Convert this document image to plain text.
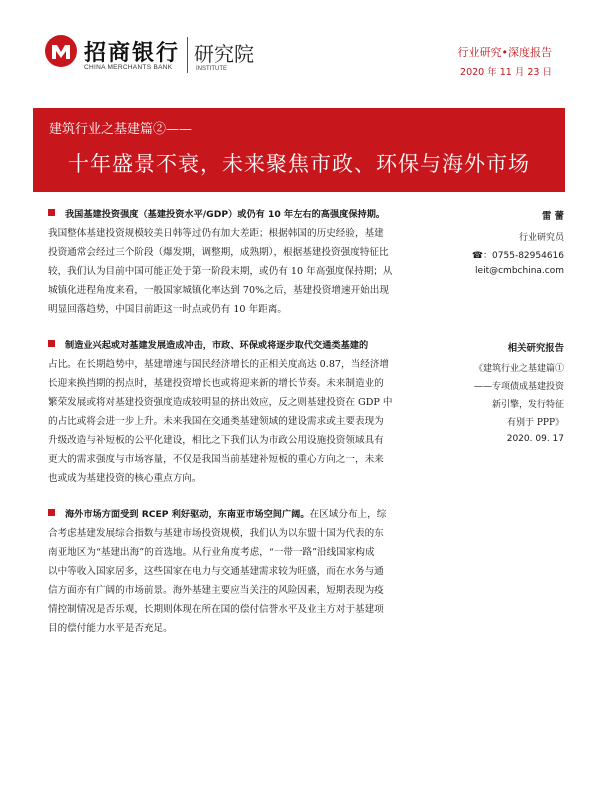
招商银行
CHINA MERCHANTS BANK
研究院
INSTITUTE
行业研究•深度报告
2020 年 11 月 23 日
建筑行业之基建篇②——
十年盛景不衰，未来聚焦市政、环保与海外市场

我国基建投资强度（基建投资水平/GDP）或仍有 10 年左右的高强度保持期。
我国整体基建投资规模较美日韩等过仍有加大差距；根据韩国的历史经验，基建
投资通常会经过三个阶段（爆发期，调整期，成熟期），根据基建投资强度特征比
较，我们认为目前中国可能正处于第一阶段末期，或仍有 10 年高强度保持期；从
城镇化进程角度来看，一般国家城镇化率达到 70%之后，基建投资增速开始出现
明显回落趋势，中国目前距这一时点或仍有 10 年距离。

制造业兴起或对基建发展造成冲击，市政、环保或将逐步取代交通类基建的
占比。在长期趋势中，基建增速与国民经济增长的正相关度高达 0.87，当经济增
长迎来换挡期的拐点时，基建投资增长也或将迎来新的增长节奏。未来制造业的
繁荣发展或将对基建投资强度造成较明显的挤出效应，反之则基建投资在 GDP 中
的占比或将会进一步上升。未来我国在交通类基建领域的建设需求或主要表现为
升级改造与补短板的公平化建设，相比之下我们认为市政公用设施投资领域具有
更大的需求强度与市场容量，不仅是我国当前基建补短板的重心方向之一，未来
也或成为基建投资的核心重点方向。

海外市场方面受到 RCEP 利好驱动，东南亚市场空间广阔。在区域分布上，综
合考虑基建发展综合指数与基建市场投资规模，我们认为以东盟十国为代表的东
南亚地区为“基建出海”的首选地。从行业角度考虑，“一带一路”沿线国家构成
以中等收入国家居多，这些国家在电力与交通基建需求较为旺盛，而在水务与通
信方面亦有广阔的市场前景。海外基建主要应当关注的风险因素，短期表现为疫
情控制情况是否乐观，长期则体现在所在国的偿付信誉水平及业主方对于基建项
目的偿付能力水平是否充足。

雷 蕾
行业研究员
☎：0755-82954616
leit@cmbchina.com
相关研究报告
《建筑行业之基建篇①
——专项债成基建投资
新引擎，发行特征
有别于 PPP》
2020. 09. 17
